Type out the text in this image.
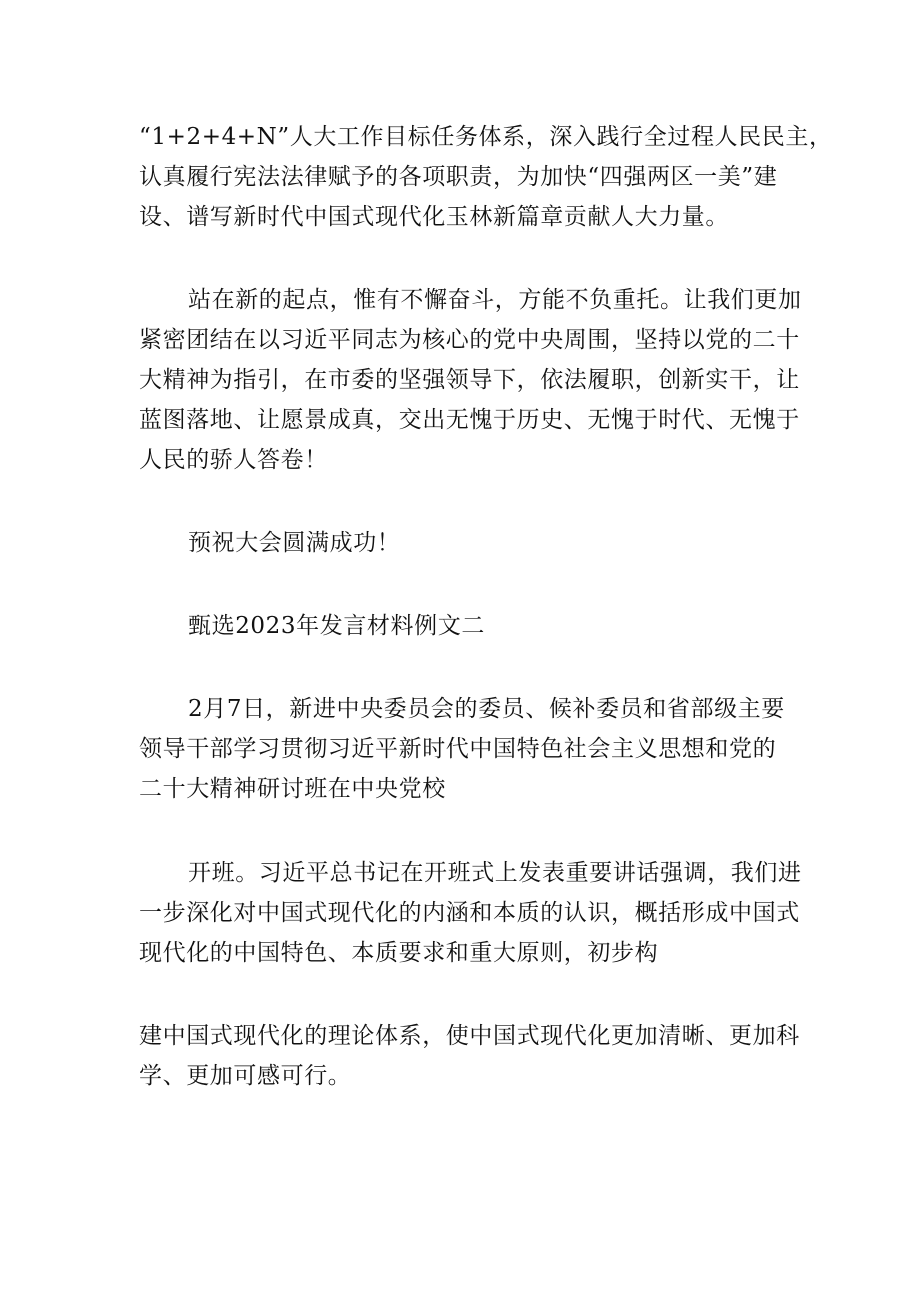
“1+2+4+N”人大工作目标任务体系，深入践行全过程人民民主，
认真履行宪法法律赋予的各项职责，为加快“四强两区一美”建
设、谱写新时代中国式现代化玉林新篇章贡献人大力量。
站在新的起点，惟有不懈奋斗，方能不负重托。让我们更加
紧密团结在以习近平同志为核心的党中央周围，坚持以党的二十
大精神为指引，在市委的坚强领导下，依法履职，创新实干，让
蓝图落地、让愿景成真，交出无愧于历史、无愧于时代、无愧于
人民的骄人答卷！
预祝大会圆满成功！
甄选2023年发言材料例文二
2月7日，新进中央委员会的委员、候补委员和省部级主要
领导干部学习贯彻习近平新时代中国特色社会主义思想和党的
二十大精神研讨班在中央党校
开班。习近平总书记在开班式上发表重要讲话强调，我们进
一步深化对中国式现代化的内涵和本质的认识，概括形成中国式
现代化的中国特色、本质要求和重大原则，初步构
建中国式现代化的理论体系，使中国式现代化更加清晰、更加科
学、更加可感可行。
